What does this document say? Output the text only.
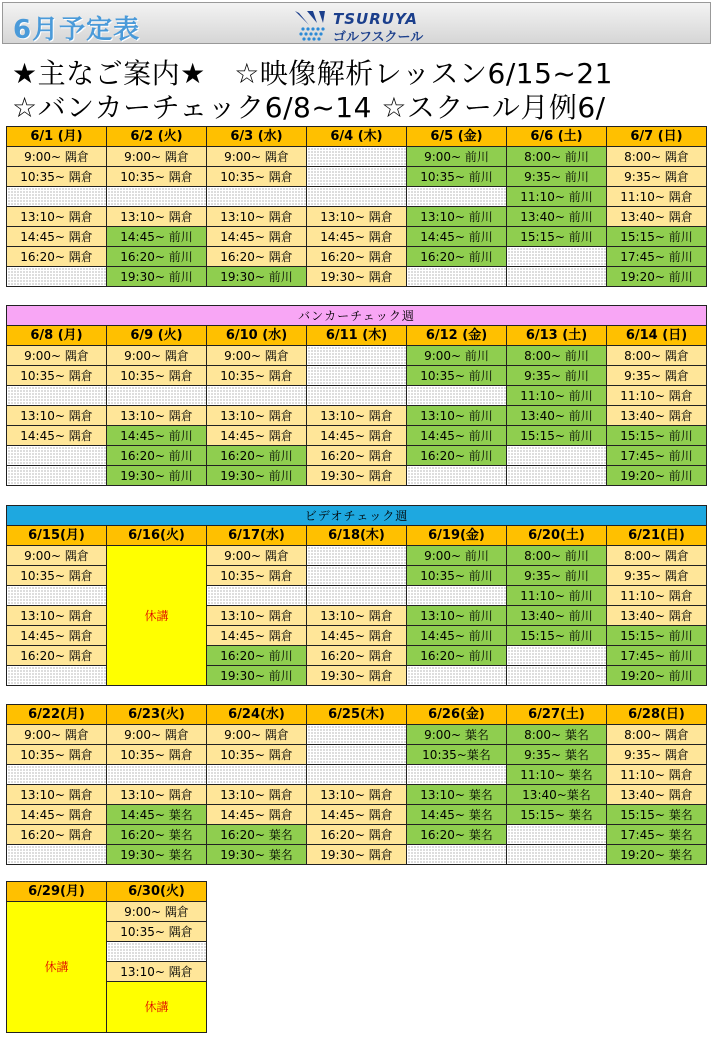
6月予定表	TSURUYA
ゴルフスクール
★主なご案内★　☆映像解析レッスン6/15~21
☆バンカーチェック6/8~14 ☆スクール月例6/
6/1 (月)	6/2 (火)	6/3 (水)	6/4 (木)	6/5 (金)	6/6 (土)	6/7 (日)
9:00~ 隅倉	9:00~ 隅倉	9:00~ 隅倉		9:00~ 前川	8:00~ 前川	8:00~ 隅倉
10:35~ 隅倉	10:35~ 隅倉	10:35~ 隅倉		10:35~ 前川	9:35~ 前川	9:35~ 隅倉
					11:10~ 前川	11:10~ 隅倉
13:10~ 隅倉	13:10~ 隅倉	13:10~ 隅倉	13:10~ 隅倉	13:10~ 前川	13:40~ 前川	13:40~ 隅倉
14:45~ 隅倉	14:45~ 前川	14:45~ 隅倉	14:45~ 隅倉	14:45~ 前川	15:15~ 前川	15:15~ 前川
16:20~ 隅倉	16:20~ 前川	16:20~ 隅倉	16:20~ 隅倉	16:20~ 前川		17:45~ 前川
	19:30~ 前川	19:30~ 前川	19:30~ 隅倉			19:20~ 前川
バンカーチェック週						
6/8 (月)	6/9 (火)	6/10 (水)	6/11 (木)	6/12 (金)	6/13 (土)	6/14 (日)
9:00~ 隅倉	9:00~ 隅倉	9:00~ 隅倉		9:00~ 前川	8:00~ 前川	8:00~ 隅倉
10:35~ 隅倉	10:35~ 隅倉	10:35~ 隅倉		10:35~ 前川	9:35~ 前川	9:35~ 隅倉
					11:10~ 前川	11:10~ 隅倉
13:10~ 隅倉	13:10~ 隅倉	13:10~ 隅倉	13:10~ 隅倉	13:10~ 前川	13:40~ 前川	13:40~ 隅倉
14:45~ 隅倉	14:45~ 前川	14:45~ 隅倉	14:45~ 隅倉	14:45~ 前川	15:15~ 前川	15:15~ 前川
	16:20~ 前川	16:20~ 前川	16:20~ 隅倉	16:20~ 前川		17:45~ 前川
	19:30~ 前川	19:30~ 前川	19:30~ 隅倉			19:20~ 前川
ビデオチェック週						
6/15(月)	6/16(火)	6/17(水)	6/18(木)	6/19(金)	6/20(土)	6/21(日)
9:00~ 隅倉	休講	9:00~ 隅倉		9:00~ 前川	8:00~ 前川	8:00~ 隅倉
10:35~ 隅倉		10:35~ 隅倉		10:35~ 前川	9:35~ 前川	9:35~ 隅倉
					11:10~ 前川	11:10~ 隅倉
13:10~ 隅倉		13:10~ 隅倉	13:10~ 隅倉	13:10~ 前川	13:40~ 前川	13:40~ 隅倉
14:45~ 隅倉		14:45~ 隅倉	14:45~ 隅倉	14:45~ 前川	15:15~ 前川	15:15~ 前川
16:20~ 隅倉		16:20~ 前川	16:20~ 隅倉	16:20~ 前川		17:45~ 前川
		19:30~ 前川	19:30~ 隅倉			19:20~ 前川
6/22(月)	6/23(火)	6/24(水)	6/25(木)	6/26(金)	6/27(土)	6/28(日)
9:00~ 隅倉	9:00~ 隅倉	9:00~ 隅倉		9:00~ 葉名	8:00~ 葉名	8:00~ 隅倉
10:35~ 隅倉	10:35~ 隅倉	10:35~ 隅倉		10:35~葉名	9:35~ 葉名	9:35~ 隅倉
					11:10~ 葉名	11:10~ 隅倉
13:10~ 隅倉	13:10~ 隅倉	13:10~ 隅倉	13:10~ 隅倉	13:10~ 葉名	13:40~葉名	13:40~ 隅倉
14:45~ 隅倉	14:45~ 葉名	14:45~ 隅倉	14:45~ 隅倉	14:45~ 葉名	15:15~ 葉名	15:15~ 葉名
16:20~ 隅倉	16:20~ 葉名	16:20~ 葉名	16:20~ 隅倉	16:20~ 葉名		17:45~ 葉名
	19:30~ 葉名	19:30~ 葉名	19:30~ 隅倉			19:20~ 葉名
6/29(月)	6/30(火)
休講	9:00~ 隅倉
	10:35~ 隅倉

	13:10~ 隅倉
	休講
